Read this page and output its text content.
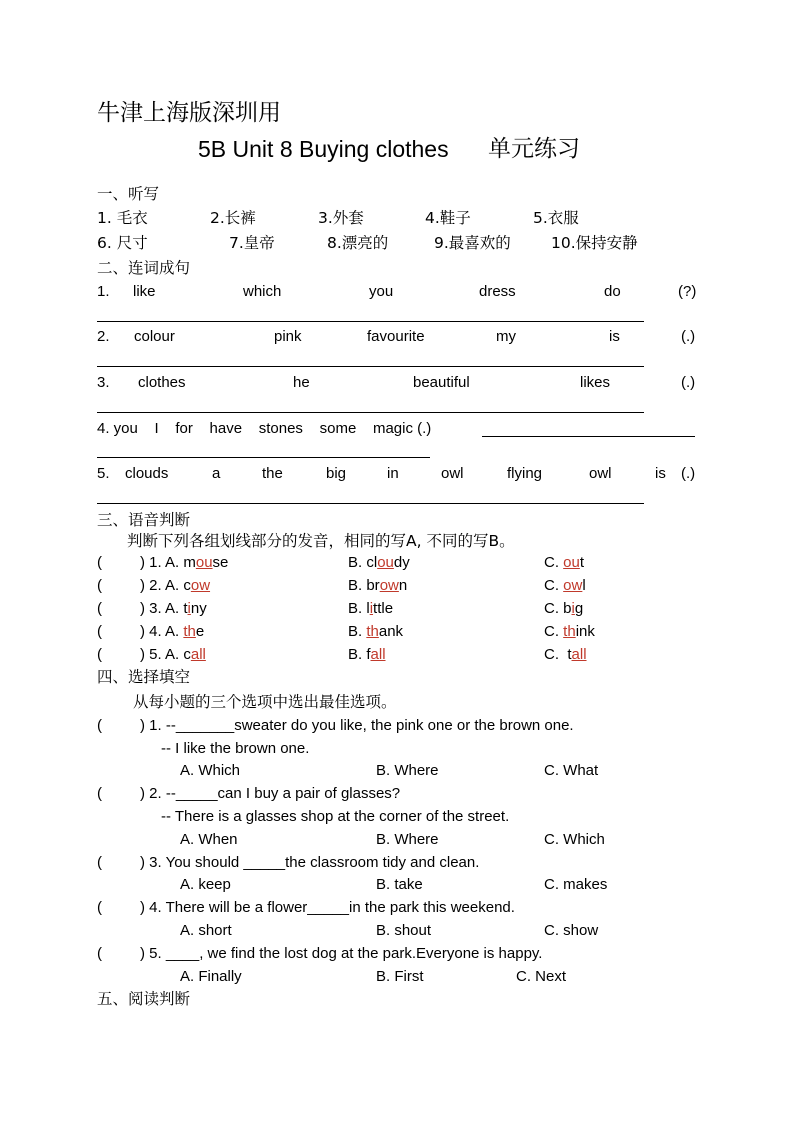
牛津上海版深圳用
5B Unit 8 Buying clothes 单元练习
一、听写
1. 毛衣	2.长裤	3.外套	4.鞋子	5.衣服
6. 尺寸	7.皇帝	8.漂亮的	9.最喜欢的	10.保持安静
二、连词成句
1. like	which	you	dress	do	(?)
2. colour	pink	favourite	my	is	(.)
3. clothes	he	beautiful	likes	(.)
4. you    I    for    have    stones    some    magic (.)
5. clouds	a	the	big	in	owl	flying	owl	is (.)
三、语音判断
判断下列各组划线部分的发音，相同的写A, 不同的写B。
(	) 1. A. mouse	B. cloudy	C. out
(	) 2. A. cow	B. brown	C. owl
(	) 3. A. tiny	B. little	C. big
(	) 4. A. the	B. thank	C. think
(	) 5. A. call	B. fall	C.  tall
四、选择填空
从每小题的三个选项中选出最佳选项。
(	) 1. --_______sweater do you like, the pink one or the brown one.
-- I like the brown one.
A. Which	B. Where	C. What
(	) 2. --_____can I buy a pair of glasses?
-- There is a glasses shop at the corner of the street.
A. When	B. Where	C. Which
(	) 3. You should _____the classroom tidy and clean.
A. keep	B. take	C. makes
(	) 4. There will be a flower_____in the park this weekend.
A. short	B. shout	C. show
(	) 5. ____, we find the lost dog at the park.Everyone is happy.
A. Finally	B. First	C. Next
五、阅读判断
